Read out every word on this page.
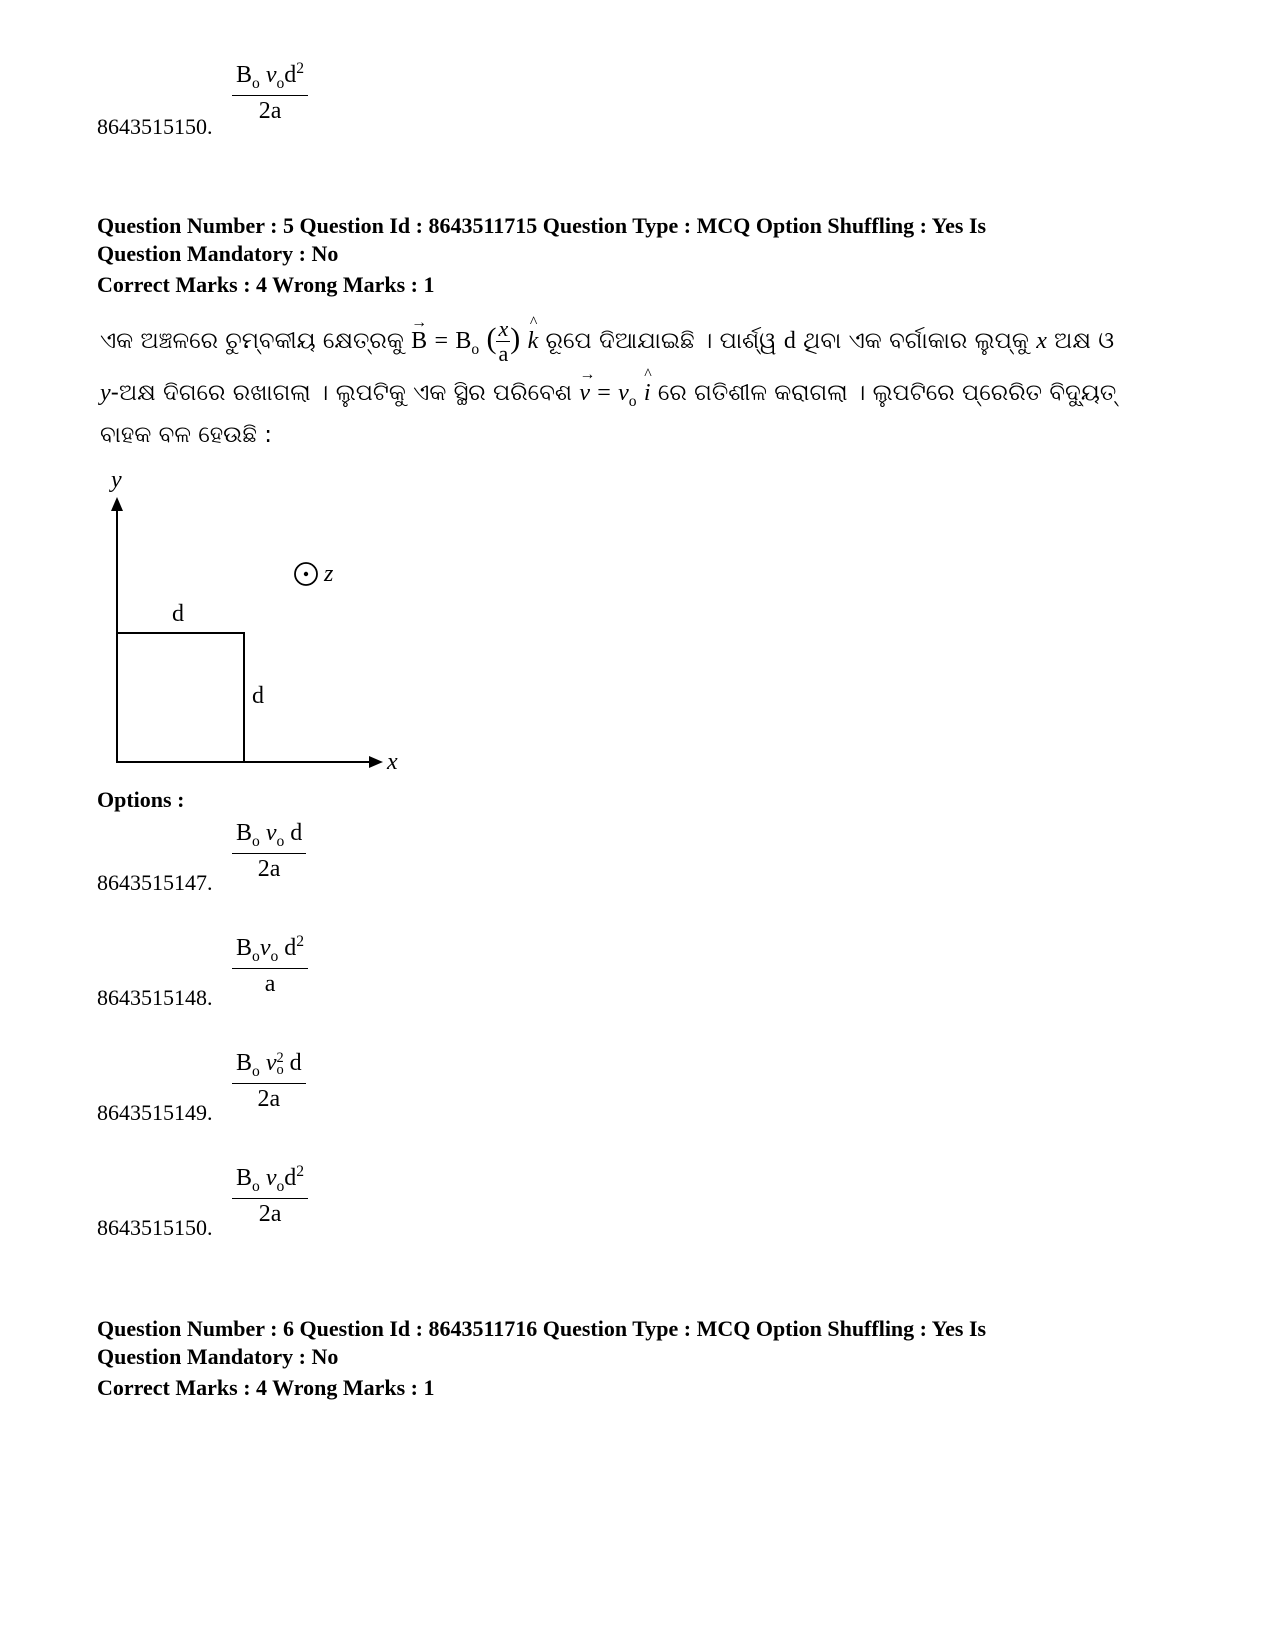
$B_o$ $v_od^2$
2a
8643515150.
Question Number : 5 Question Id : 8643511715 Question Type : MCQ Option Shuffling : Yes Is
Question Mandatory : No
Correct Marks : 4 Wrong Marks : 1
ଏକ ଅଞ୍ଚଳରେ ଚୁମ୍ବକୀୟ କ୍ଷେତ୍ରକୁ
→
$B = B_o$ ( $\frac{x}{a}$ ) ^
k ରୂପେ ଦିଆଯାଇଛି । ପାର୍ଶ୍ୱ d ଥିବା ଏକ ବର୍ଗାକାର ଲୁପ୍‌କୁ x ଅକ୍ଷ ଓ
y-ଅକ୍ଷ ଦିଗରେ ରଖାଗଲା । ଲୁପଟିକୁ ଏକ ସ୍ଥିର ପରିବେଶ
→
$v = v_o$
^
i ରେ ଗତିଶୀଳ କରାଗଲା । ଲୁପଟିରେ ପ୍ରେରିତ ବିଦ୍ୟୁତ୍
ବାହକ ବଳ ହେଉଛି :
y
x
d
d
z
Options :
$\frac{B_o v_o d}{2a}$
8643515147.
$B_ov_o$ $d^2$
a
8643515148.
$B_o$ v 2
o d
2a
8643515149.
$B_o$ $v_od^2$
2a
8643515150.
Question Number : 6 Question Id : 8643511716 Question Type : MCQ Option Shuffling : Yes Is
Question Mandatory : No
Correct Marks : 4 Wrong Marks : 1
